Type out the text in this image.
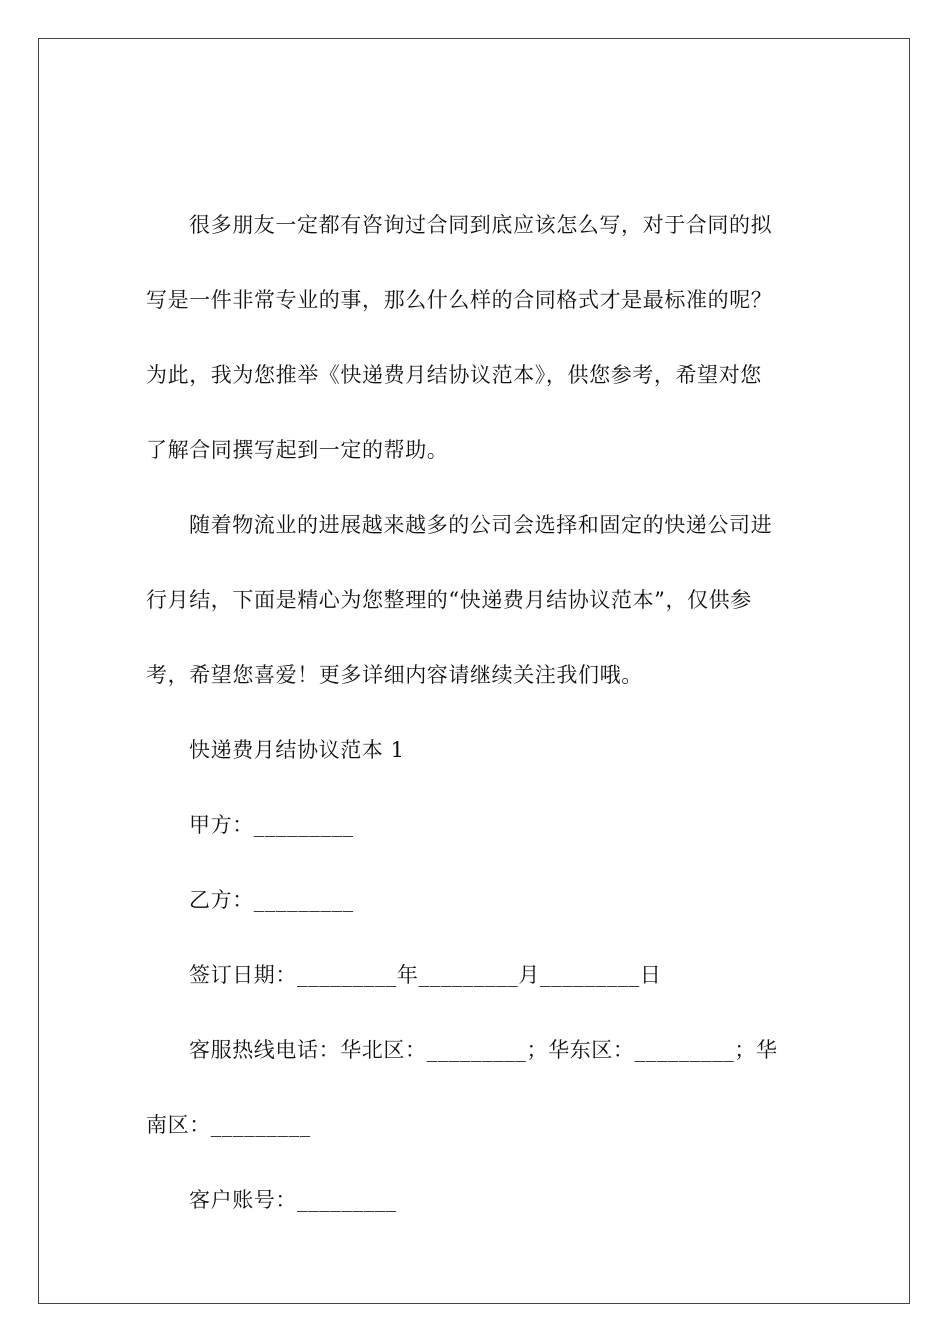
很多朋友一定都有咨询过合同到底应该怎么写，对于合同的拟
写是一件非常专业的事，那么什么样的合同格式才是最标准的呢？
为此，我为您推举《快递费月结协议范本》，供您参考，希望对您
了解合同撰写起到一定的帮助。
随着物流业的进展越来越多的公司会选择和固定的快递公司进
行月结，下面是精心为您整理的“快递费月结协议范本”，仅供参
考，希望您喜爱！更多详细内容请继续关注我们哦。
快递费月结协议范本 1
甲方：_________
乙方：_________
签订日期：_________年_________月_________日
客服热线电话：华北区：_________；华东区：_________；华
南区：_________
客户账号：_________
